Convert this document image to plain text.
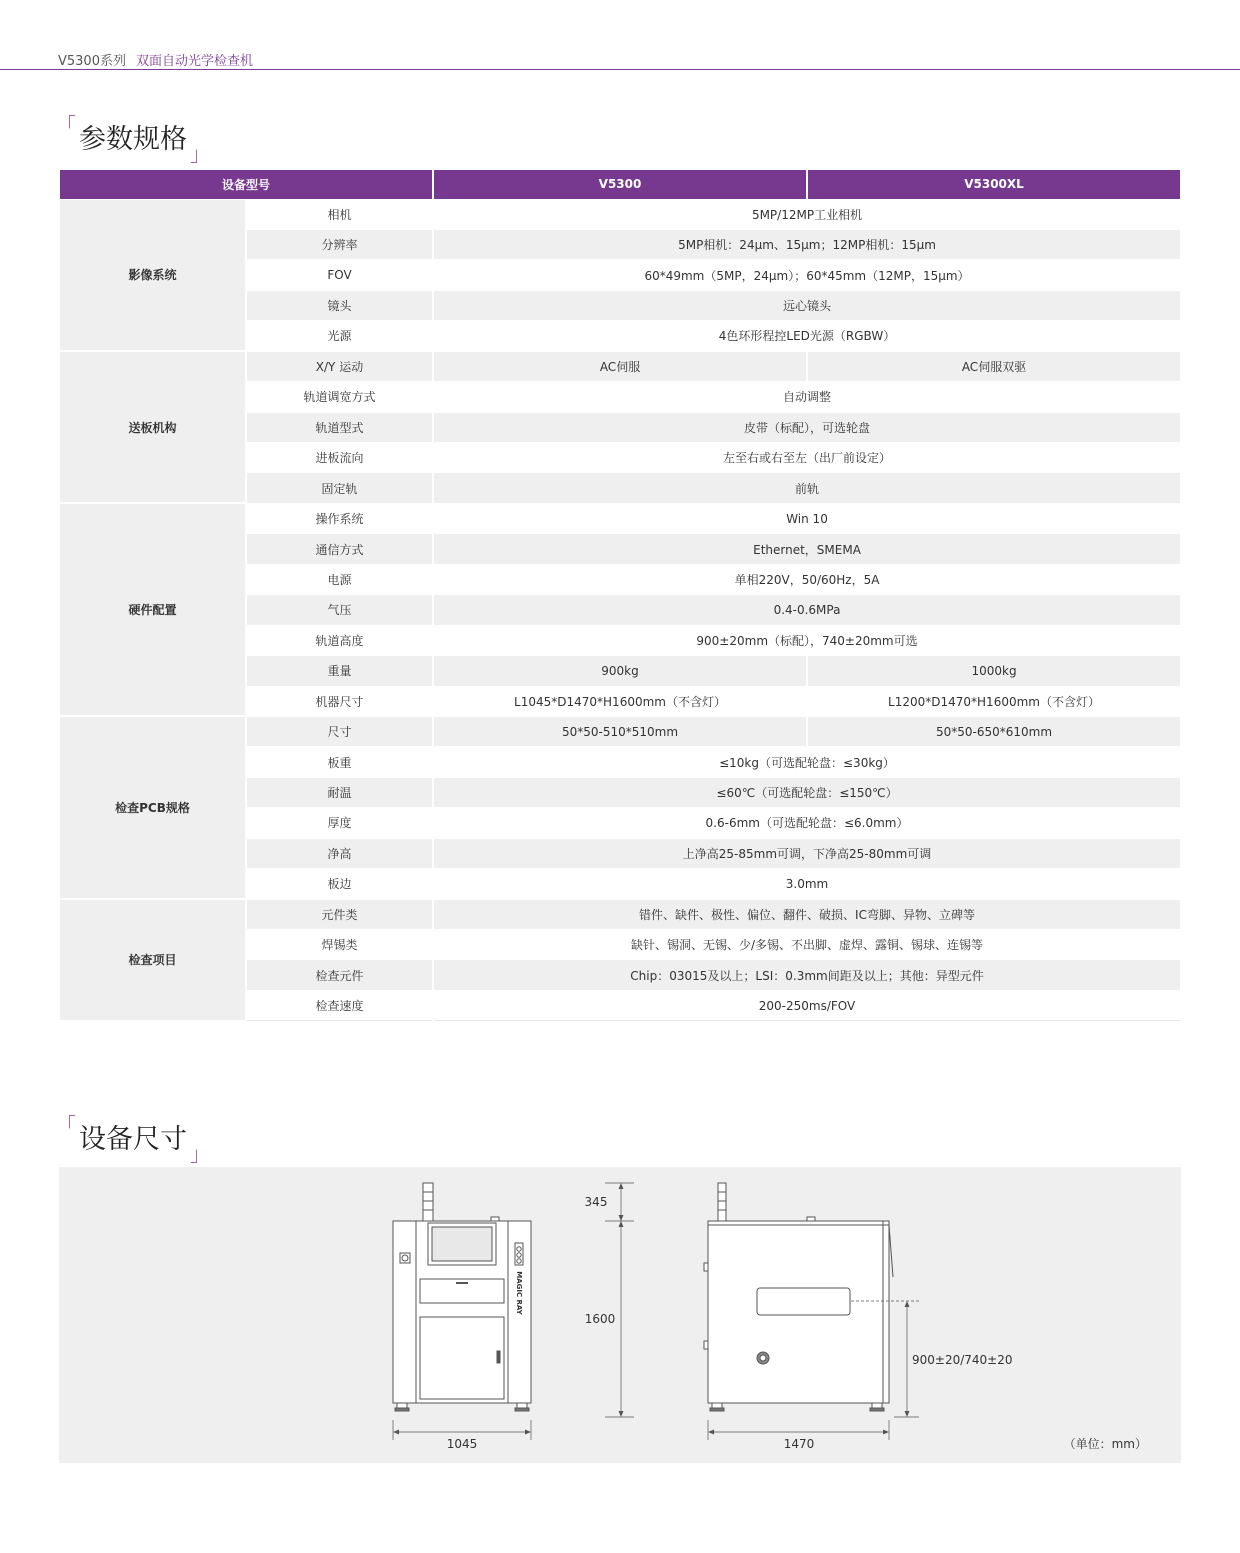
V5300系列 双面自动光学检查机
「 参数规格 」
设备型号		V5300	V5300XL
影像系统	相机	5MP/12MP工业相机	
	分辨率	5MP相机：24μm、15μm；12MP相机：15μm	
	FOV	60*49mm（5MP，24μm）；60*45mm（12MP，15μm）	
	镜头	远心镜头	
	光源	4色环形程控LED光源（RGBW）	
送板机构	X/Y 运动	AC伺服	AC伺服双驱
	轨道调宽方式	自动调整	
	轨道型式	皮带（标配），可选轮盘	
	进板流向	左至右或右至左（出厂前设定）	
	固定轨	前轨	
硬件配置	操作系统	Win 10	
	通信方式	Ethernet，SMEMA	
	电源	单相220V，50/60Hz，5A	
	气压	0.4-0.6MPa	
	轨道高度	900±20mm（标配），740±20mm可选	
	重量	900kg	1000kg
	机器尺寸	L1045*D1470*H1600mm（不含灯）	L1200*D1470*H1600mm（不含灯）
检查PCB规格	尺寸	50*50-510*510mm	50*50-650*610mm
	板重	≤10kg（可选配轮盘：≤30kg）	
	耐温	≤60℃（可选配轮盘：≤150℃）	
	厚度	0.6-6mm（可选配轮盘：≤6.0mm）	
	净高	上净高25-85mm可调，下净高25-80mm可调	
	板边	3.0mm	
检查项目	元件类	错件、缺件、极性、偏位、翻件、破损、IC弯脚、异物、立碑等	
	焊锡类	缺针、锡洞、无锡、少/多锡、不出脚、虚焊、露铜、锡球、连锡等	
	检查元件	Chip：03015及以上；LSI：0.3mm间距及以上；其他：异型元件	
	检查速度	200-250ms/FOV	
「 设备尺寸 」
MAGIC RAY
345
1600
1045	1470
900±20/740±20
（单位：mm）
